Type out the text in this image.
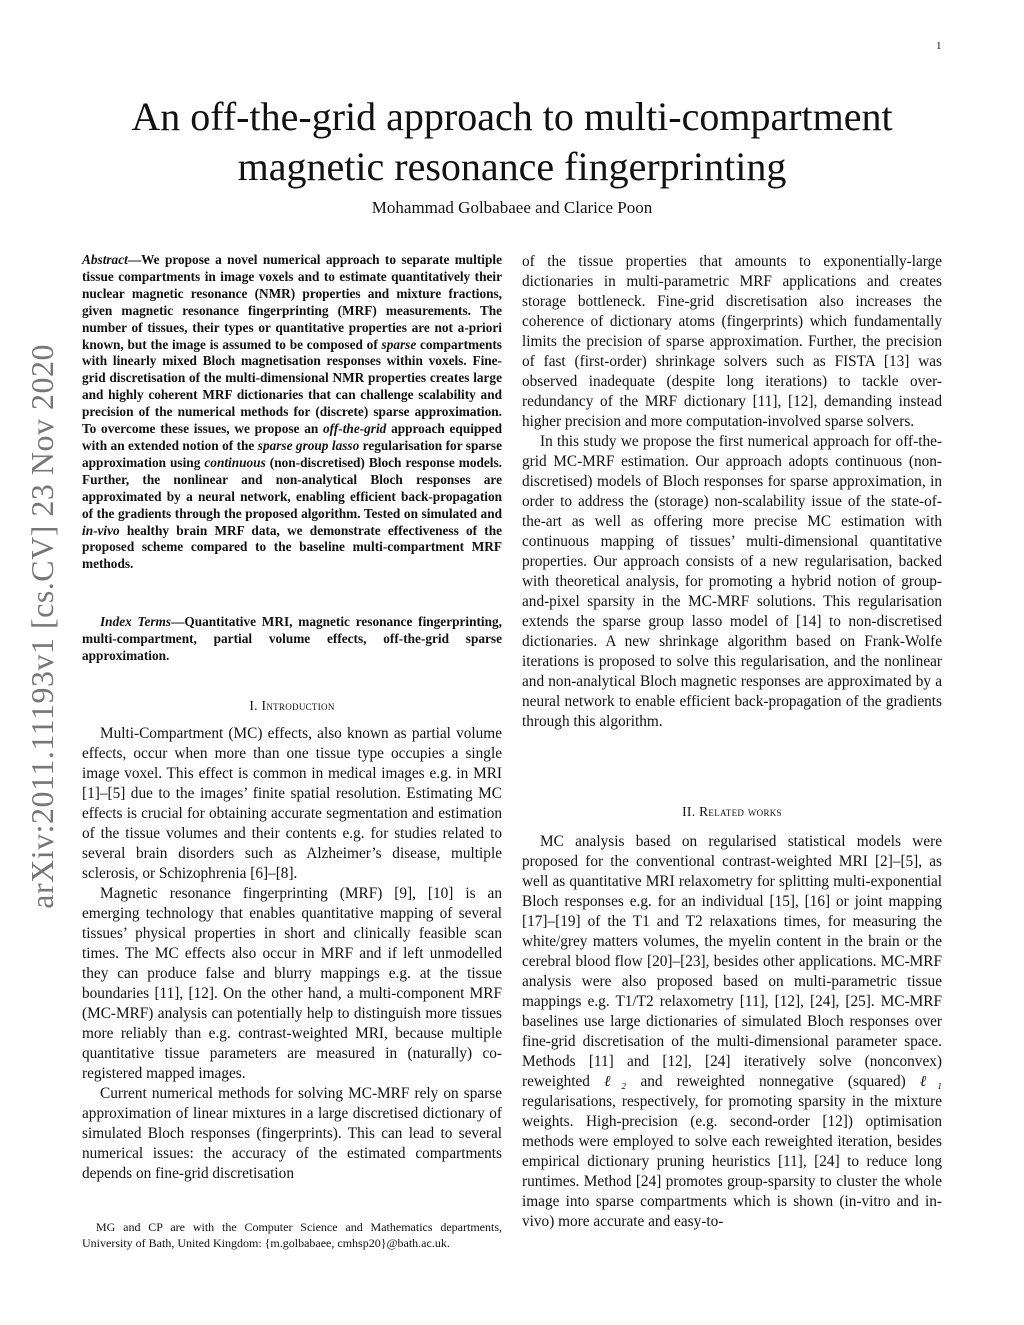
1
arXiv:2011.11193v1 [cs.CV] 23 Nov 2020
An off-the-grid approach to multi-compartment
magnetic resonance fingerprinting
Mohammad Golbabaee and Clarice Poon
Abstract—We propose a novel numerical approach to separate multiple tissue compartments in image voxels and to estimate quantitatively their nuclear magnetic resonance (NMR) properties and mixture fractions, given magnetic resonance fingerprinting (MRF) measurements. The number of tissues, their types or quantitative properties are not a-priori known, but the image is assumed to be composed of sparse compartments with linearly mixed Bloch magnetisation responses within voxels. Fine-grid discretisation of the multi-dimensional NMR properties creates large and highly coherent MRF dictionaries that can challenge scalability and precision of the numerical methods for (discrete) sparse approximation. To overcome these issues, we propose an off-the-grid approach equipped with an extended notion of the sparse group lasso regularisation for sparse approximation using continuous (non-discretised) Bloch response models. Further, the nonlinear and non-analytical Bloch responses are approximated by a neural network, enabling efficient back-propagation of the gradients through the proposed algorithm. Tested on simulated and in-vivo healthy brain MRF data, we demonstrate effectiveness of the proposed scheme compared to the baseline multi-compartment MRF methods.
Index Terms—Quantitative MRI, magnetic resonance fingerprinting, multi-compartment, partial volume effects, off-the-grid sparse approximation.
I. Introduction

Multi-Compartment (MC) effects, also known as partial volume effects, occur when more than one tissue type occupies a single image voxel. This effect is common in medical images e.g. in MRI [1]–[5] due to the images’ finite spatial resolution. Estimating MC effects is crucial for obtaining accurate segmentation and estimation of the tissue volumes and their contents e.g. for studies related to several brain disorders such as Alzheimer’s disease, multiple sclerosis, or Schizophrenia [6]–[8].

Magnetic resonance fingerprinting (MRF) [9], [10] is an emerging technology that enables quantitative mapping of several tissues’ physical properties in short and clinically feasible scan times. The MC effects also occur in MRF and if left unmodelled they can produce false and blurry mappings e.g. at the tissue boundaries [11], [12]. On the other hand, a multi-component MRF (MC-MRF) analysis can potentially help to distinguish more tissues more reliably than e.g. contrast-weighted MRI, because multiple quantitative tissue parameters are measured in (naturally) co-registered mapped images.

Current numerical methods for solving MC-MRF rely on sparse approximation of linear mixtures in a large discretised dictionary of simulated Bloch responses (fingerprints). This can lead to several numerical issues: the accuracy of the estimated compartments depends on fine-grid discretisation

MG and CP are with the Computer Science and Mathematics departments, University of Bath, United Kingdom: {m.golbabaee, cmhsp20}@bath.ac.uk.

of the tissue properties that amounts to exponentially-large dictionaries in multi-parametric MRF applications and creates storage bottleneck. Fine-grid discretisation also increases the coherence of dictionary atoms (fingerprints) which fundamentally limits the precision of sparse approximation. Further, the precision of fast (first-order) shrinkage solvers such as FISTA [13] was observed inadequate (despite long iterations) to tackle over-redundancy of the MRF dictionary [11], [12], demanding instead higher precision and more computation-involved sparse solvers.

In this study we propose the first numerical approach for off-the-grid MC-MRF estimation. Our approach adopts continuous (non-discretised) models of Bloch responses for sparse approximation, in order to address the (storage) non-scalability issue of the state-of-the-art as well as offering more precise MC estimation with continuous mapping of tissues’ multi-dimensional quantitative properties. Our approach consists of a new regularisation, backed with theoretical analysis, for promoting a hybrid notion of group-and-pixel sparsity in the MC-MRF solutions. This regularisation extends the sparse group lasso model of [14] to non-discretised dictionaries. A new shrinkage algorithm based on Frank-Wolfe iterations is proposed to solve this regularisation, and the nonlinear and non-analytical Bloch magnetic responses are approximated by a neural network to enable efficient back-propagation of the gradients through this algorithm.

II. Related works

MC analysis based on regularised statistical models were proposed for the conventional contrast-weighted MRI [2]–[5], as well as quantitative MRI relaxometry for splitting multi-exponential Bloch responses e.g. for an individual [15], [16] or joint mapping [17]–[19] of the T1 and T2 relaxations times, for measuring the white/grey matters volumes, the myelin content in the brain or the cerebral blood flow [20]–[23], besides other applications. MC-MRF analysis were also proposed based on multi-parametric tissue mappings e.g. T1/T2 relaxometry [11], [12], [24], [25]. MC-MRF baselines use large dictionaries of simulated Bloch responses over fine-grid discretisation of the multi-dimensional parameter space. Methods [11] and [12], [24] iteratively solve (nonconvex) reweighted ℓ₂ and reweighted nonnegative (squared) ℓ₁ regularisations, respectively, for promoting sparsity in the mixture weights. High-precision (e.g. second-order [12]) optimisation methods were employed to solve each reweighted iteration, besides empirical dictionary pruning heuristics [11], [24] to reduce long runtimes. Method [24] promotes group-sparsity to cluster the whole image into sparse compartments which is shown (in-vitro and in-vivo) more accurate and easy-to-
